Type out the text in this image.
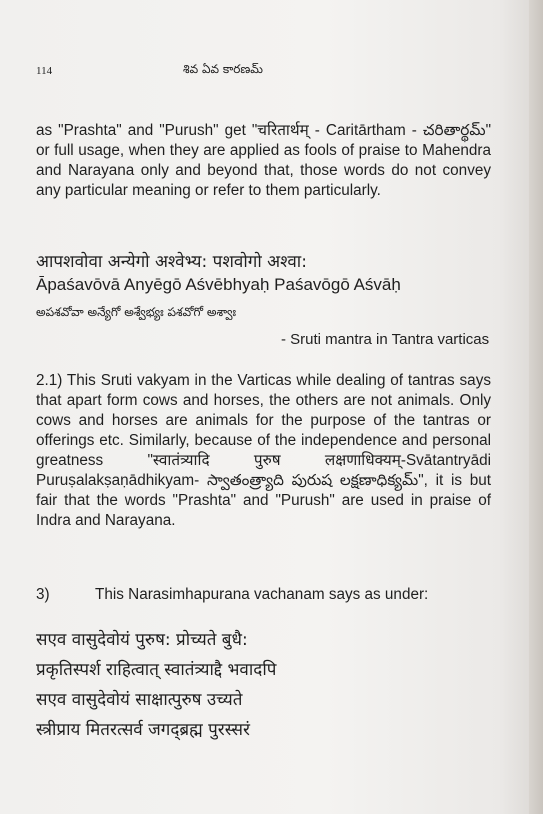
114	శివ ఏవ కారణమ్

as "Prashta" and "Purush" get "चरितार्थम् - Caritārtham - చరితార్థమ్" or full usage, when they are applied as fools of praise to Mahendra and Narayana only and beyond that, those words do not convey any particular meaning or refer to them particularly.

आपशवोवा अन्येगो अश्वेभ्य: पशवोगो अश्वा:
Āpaśavōvā Anyēgō Aśvēbhyaḥ Paśavōgō Aśvāḥ
అపశవోవా అన్యేగో అశ్వేభ్యః పశవోగో అశ్వాః
- Sruti mantra in Tantra varticas

2.1) This Sruti vakyam in the Varticas while dealing of tantras says that apart form cows and horses, the others are not animals. Only cows and horses are animals for the purpose of the tantras or offerings etc. Similarly, because of the independence and personal greatness "स्वातंत्र्यादि पुरुष लक्षणाधिक्यम्-Svātantryādi Puruṣalakṣaṇādhikyam- స్వాతంత్ర్యాది పురుష లక్షణాధిక్యమ్", it is but fair that the words "Prashta" and "Purush" are used in praise of Indra and Narayana.

3)	This Narasimhapurana vachanam says as under:
सएव वासुदेवोयं पुरुष: प्रोच्यते बुधै:
प्रकृतिस्पर्श राहित्वात् स्वातंत्र्याद्दै भवादपि
सएव वासुदेवोयं साक्षात्पुरुष उच्यते
स्त्रीप्राय मितरत्सर्व जगद्ब्रह्म पुरस्सरं
